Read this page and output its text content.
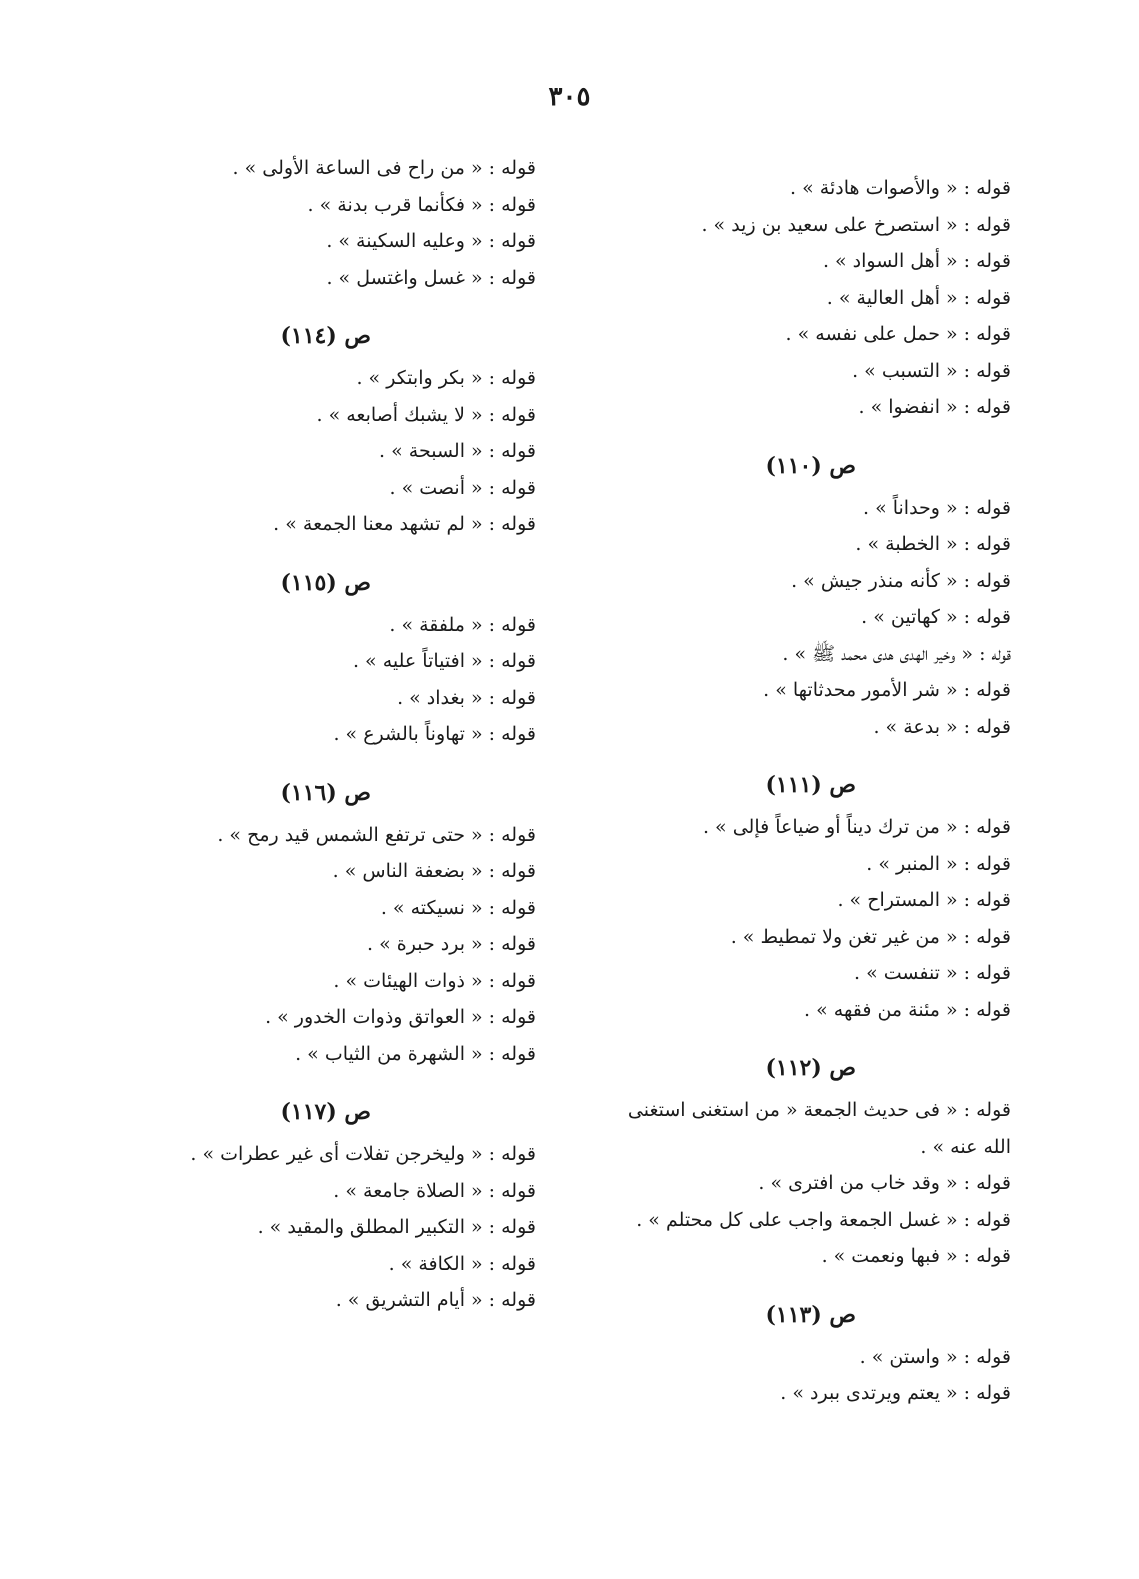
٣٠٥
قوله : « والأصوات هادئة » .
قوله : « استصرخ على سعيد بن زيد » .
قوله : « أهل السواد » .
قوله : « أهل العالية » .
قوله : « حمل على نفسه » .
قوله : « التسبب » .
قوله : « انفضوا » .
ص (١١٠)
قوله : « وحداناً » .
قوله : « الخطبة » .
قوله : « كأنه منذر جيش » .
قوله : « كهاتين » .
قوله : « وخير الهدى هدى محمد ﷺ » .
قوله : « شر الأمور محدثاتها » .
قوله : « بدعة » .
ص (١١١)
قوله : « من ترك ديناً أو ضياعاً فإلى » .
قوله : « المنبر » .
قوله : « المستراح » .
قوله : « من غير تغن ولا تمطيط » .
قوله : « تنفست » .
قوله : « مئنة من فقهه » .
ص (١١٢)
قوله : « فى حديث الجمعة « من استغنى استغنى
الله عنه » .
قوله : « وقد خاب من افترى » .
قوله : « غسل الجمعة واجب على كل محتلم » .
قوله : « فبها ونعمت » .
ص (١١٣)
قوله : « واستن » .
قوله : « يعتم ويرتدى ببرد » .
قوله : « من راح فى الساعة الأولى » .
قوله : « فكأنما قرب بدنة » .
قوله : « وعليه السكينة » .
قوله : « غسل واغتسل » .
ص (١١٤)
قوله : « بكر وابتكر » .
قوله : « لا يشبك أصابعه » .
قوله : « السبحة » .
قوله : « أنصت » .
قوله : « لم تشهد معنا الجمعة » .
ص (١١٥)
قوله : « ملفقة » .
قوله : « افتياتاً عليه » .
قوله : « بغداد » .
قوله : « تهاوناً بالشرع » .
ص (١١٦)
قوله : « حتى ترتفع الشمس قيد رمح » .
قوله : « بضعفة الناس » .
قوله : « نسيكته » .
قوله : « برد حبرة » .
قوله : « ذوات الهيئات » .
قوله : « العواتق وذوات الخدور » .
قوله : « الشهرة من الثياب » .
ص (١١٧)
قوله : « وليخرجن تفلات أى غير عطرات » .
قوله : « الصلاة جامعة » .
قوله : « التكبير المطلق والمقيد » .
قوله : « الكافة » .
قوله : « أيام التشريق » .
